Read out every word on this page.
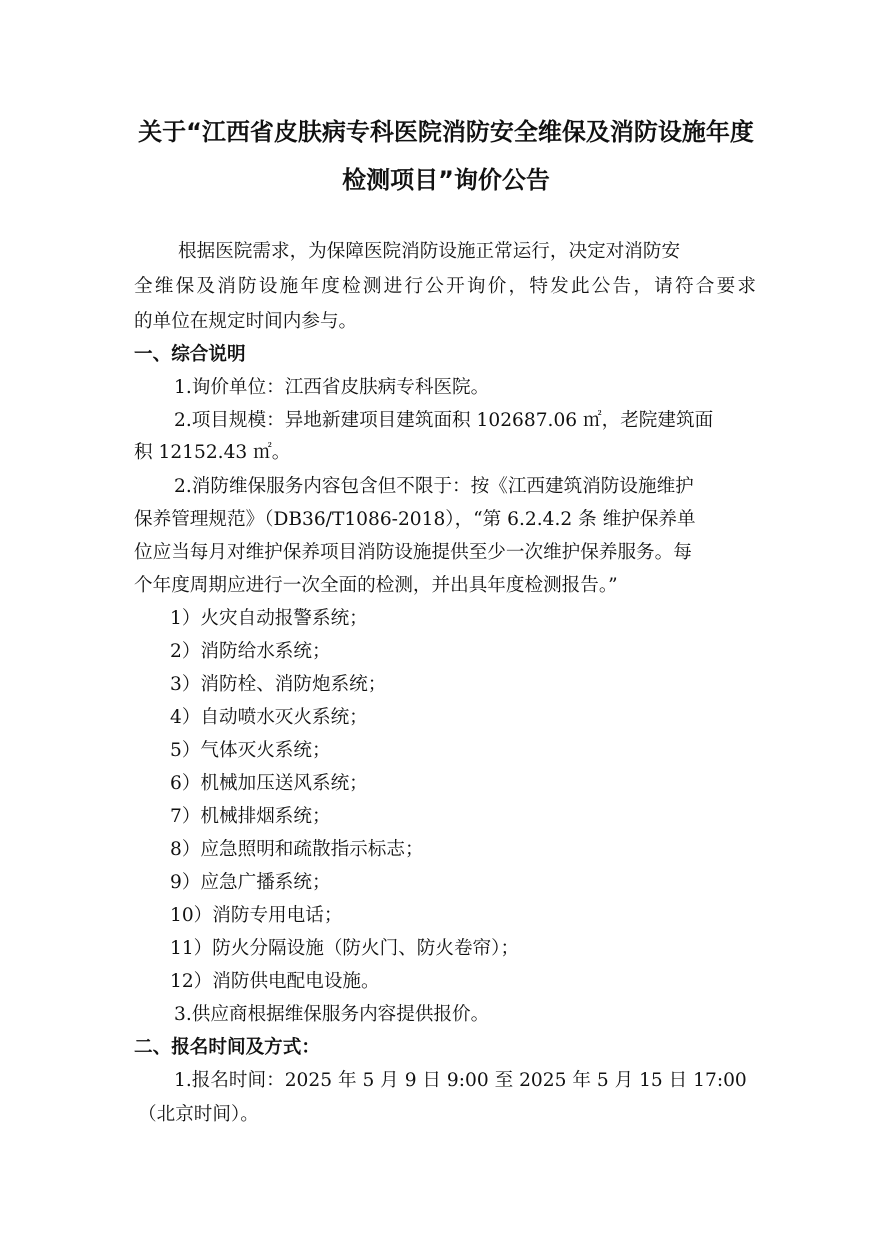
关于“江西省皮肤病专科医院消防安全维保及消防设施年度
检测项目”询价公告
根据医院需求，为保障医院消防设施正常运行，决定对消防安
全维保及消防设施年度检测进行公开询价，特发此公告，请符合要求
的单位在规定时间内参与。
一、综合说明
1.询价单位：江西省皮肤病专科医院。
2.项目规模：异地新建项目建筑面积 102687.06 ㎡，老院建筑面
积 12152.43 ㎡。
2.消防维保服务内容包含但不限于：按《江西建筑消防设施维护
保养管理规范》（DB36/T1086-2018），“第 6.2.4.2 条 维护保养单
位应当每月对维护保养项目消防设施提供至少一次维护保养服务。每
个年度周期应进行一次全面的检测，并出具年度检测报告。”
1）火灾自动报警系统；
2）消防给水系统；
3）消防栓、消防炮系统；
4）自动喷水灭火系统；
5）气体灭火系统；
6）机械加压送风系统；
7）机械排烟系统；
8）应急照明和疏散指示标志；
9）应急广播系统；
10）消防专用电话；
11）防火分隔设施（防火门、防火卷帘）；
12）消防供电配电设施。
3.供应商根据维保服务内容提供报价。
二、报名时间及方式：
1.报名时间：2025 年 5 月 9 日 9:00 至 2025 年 5 月 15 日 17:00
（北京时间）。
